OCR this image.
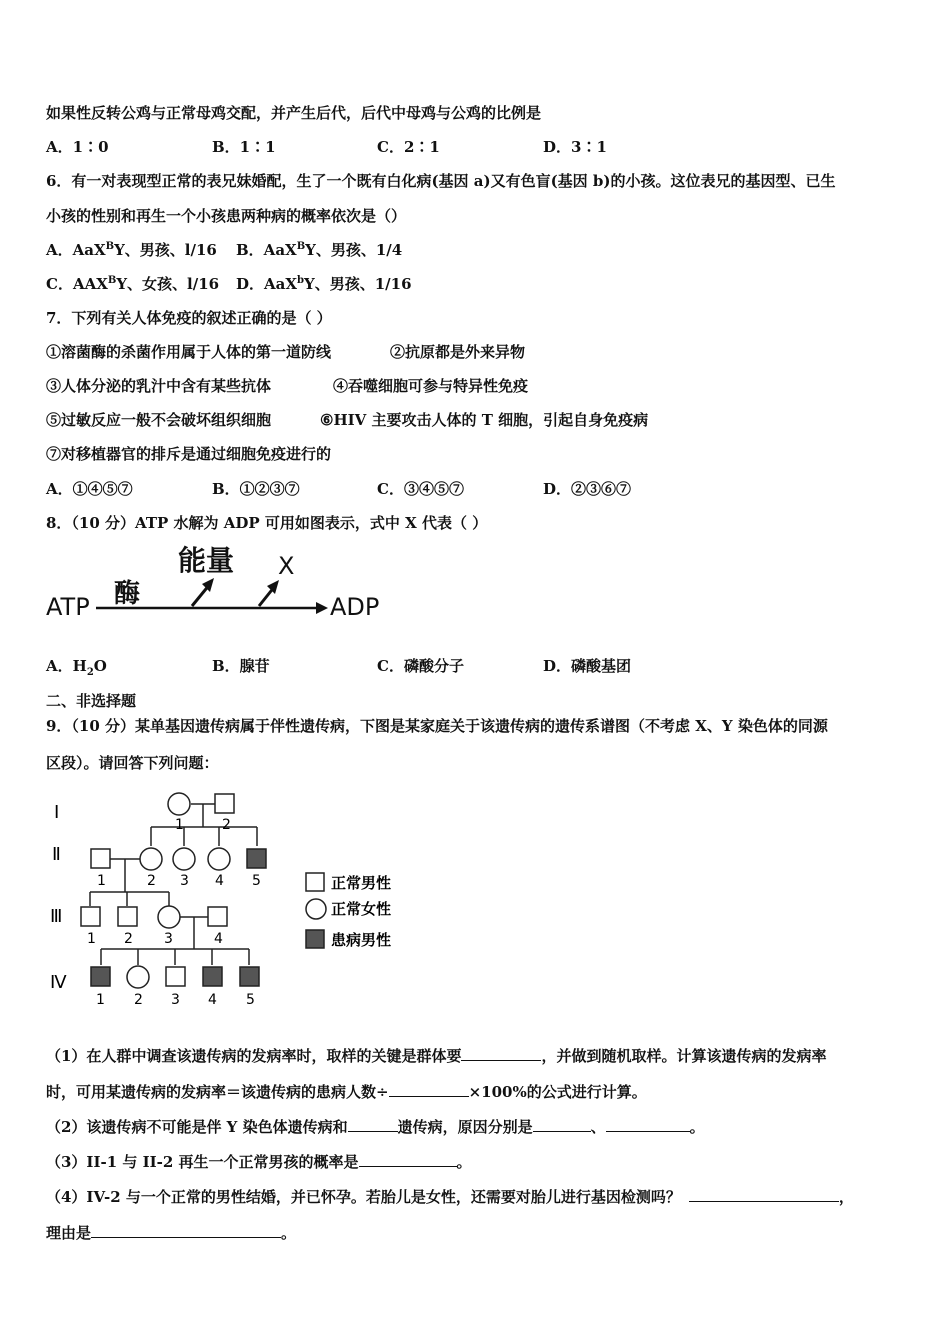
如果性反转公鸡与正常母鸡交配，并产生后代，后代中母鸡与公鸡的比例是
A．1∶0	B．1∶1	C．2∶1	D．3∶1
6．有一对表现型正常的表兄妹婚配，生了一个既有白化病(基因 a)又有色盲(基因 b)的小孩。这位表兄的基因型、已生
小孩的性别和再生一个小孩患两种病的概率依次是（）
A．AaX$^B$Y、男孩、l/16 B．AaX$^B$Y、男孩、1/4
C．$AAX^BY$、女孩、l/16 D．AaX$^b$Y、男孩、1/16
7．下列有关人体免疫的叙述正确的是（ ）
①溶菌酶的杀菌作用属于人体的第一道防线	②抗原都是外来异物
③人体分泌的乳汁中含有某些抗体	④吞噬细胞可参与特异性免疫
⑤过敏反应一般不会破坏组织细胞	⑥HIV 主要攻击人体的 T 细胞，引起自身免疫病
⑦对移植器官的排斥是通过细胞免疫进行的
A．①④⑤⑦	B．①②③⑦	C．③④⑤⑦	D．②③⑥⑦
8．（10 分）ATP 水解为 ADP 可用如图表示，式中 X 代表（ ）
ATP 酶
能量 X
ADP
A．$H_2O$	B．腺苷	C．磷酸分子	D．磷酸基团
二、非选择题
9．（10 分）某单基因遗传病属于伴性遗传病，下图是某家庭关于该遗传病的遗传系谱图（不考虑 X、Y 染色体的同源
区段）。请回答下列问题：
Ⅰ
Ⅱ
Ⅲ
Ⅳ
1	2
1	2 3 4 5
1 2 3	4
1 2 3 4 5
正常男性
正常女性
患病男性
（1）在人群中调查该遗传病的发病率时，取样的关键是群体要	，并做到随机取样。计算该遗传病的发病率
时，可用某遗传病的发病率＝该遗传病的患病人数÷	×100%的公式进行计算。
（2）该遗传病不可能是伴 Y 染色体遗传病和	遗传病，原因分别是	、	。
（3）II-1 与 II-2 再生一个正常男孩的概率是	。
（4）IV-2 与一个正常的男性结婚，并已怀孕。若胎儿是女性，还需要对胎儿进行基因检测吗？	，
理由是	。
